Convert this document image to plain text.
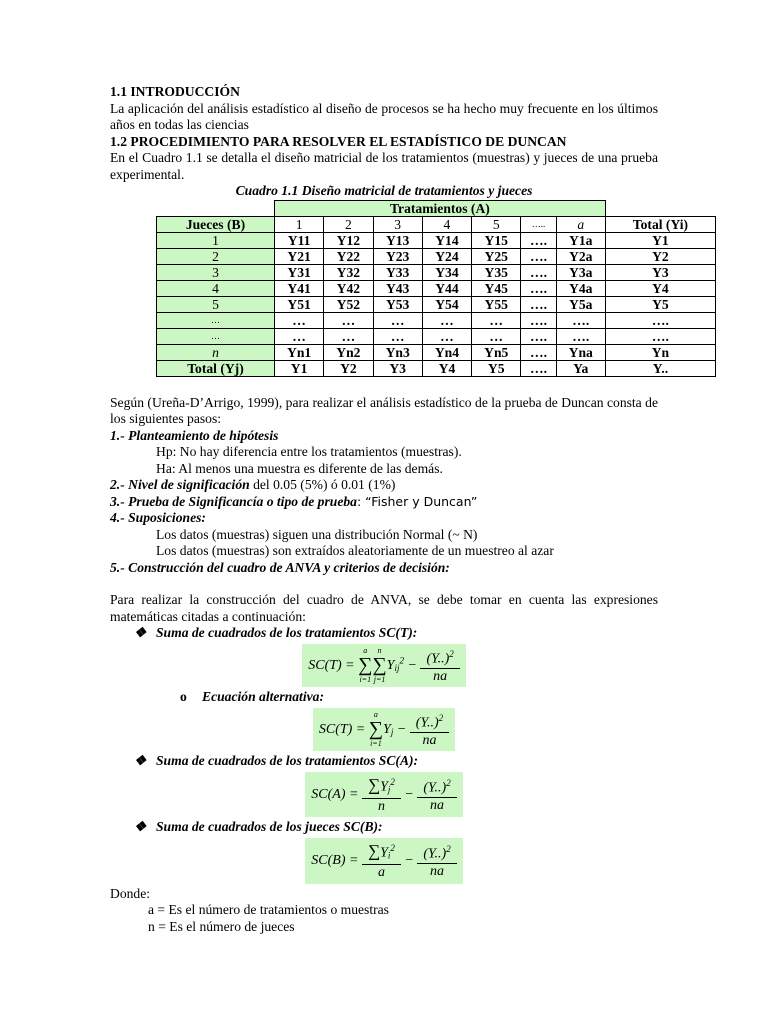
1.1 INTRODUCCIÓN

La aplicación del análisis estadístico al diseño de procesos se ha hecho muy frecuente en los últimos años en todas las ciencias

1.2 PROCEDIMIENTO PARA RESOLVER EL ESTADÍSTICO DE DUNCAN

En el Cuadro 1.1 se detalla el diseño matricial de los tratamientos (muestras) y jueces de una prueba experimental.

Cuadro 1.1 Diseño matricial de tratamientos y jueces

	Tratamientos (A)							
Jueces (B)	1	2	3	4	5	…..	a	Total (Yi)
1	Y11	Y12	Y13	Y14	Y15	….	Y1a	Y1
2	Y21	Y22	Y23	Y24	Y25	….	Y2a	Y2
3	Y31	Y32	Y33	Y34	Y35	….	Y3a	Y3
4	Y41	Y42	Y43	Y44	Y45	….	Y4a	Y4
5	Y51	Y52	Y53	Y54	Y55	….	Y5a	Y5
…	…	…	…	…	…	….	….	….
…	…	…	…	…	…	….	….	….
n	Yn1	Yn2	Yn3	Yn4	Yn5	….	Yna	Yn
Total (Yj)	Y1	Y2	Y3	Y4	Y5	….	Ya	Y..

Según (Ureña-D’Arrigo, 1999), para realizar el análisis estadístico de la prueba de Duncan consta de los siguientes pasos:

1.- Planteamiento de hipótesis

Hp: No hay diferencia entre los tratamientos (muestras).

Ha: Al menos una muestra es diferente de las demás.

2.- Nivel de significación del 0.05 (5%) ó 0.01 (1%)

3.- Prueba de Significancía o tipo de prueba: “Fisher y Duncan”

4.- Suposiciones:

Los datos (muestras) siguen una distribución Normal (~ N)

Los datos (muestras) son extraídos aleatoriamente de un muestreo al azar

5.- Construcción del cuadro de ANVA y criterios de decisión:

Para realizar la construcción del cuadro de ANVA, se debe tomar en cuenta las expresiones matemáticas citadas a continuación:

❖ Suma de cuadrados de los tratamientos SC(T):

SC(T) = a
∑
i=1n
∑
$j=1Y_{ij}^2 - \frac{(Y..)^2}{na}$

o Ecuación alternativa:

SC(T) = a
∑
$i=1Y_j - \frac{(Y..)^2}{na}$

❖ Suma de cuadrados de los tratamientos SC(A):

$SC(A) = \frac{\sum Y_j^2}{n} - \frac{(Y..)^2}{na}$

❖ Suma de cuadrados de los jueces SC(B):

$SC(B) = \frac{\sum Y_i^2}{a} - \frac{(Y..)^2}{na}$

Donde:

a = Es el número de tratamientos o muestras

n = Es el número de jueces
